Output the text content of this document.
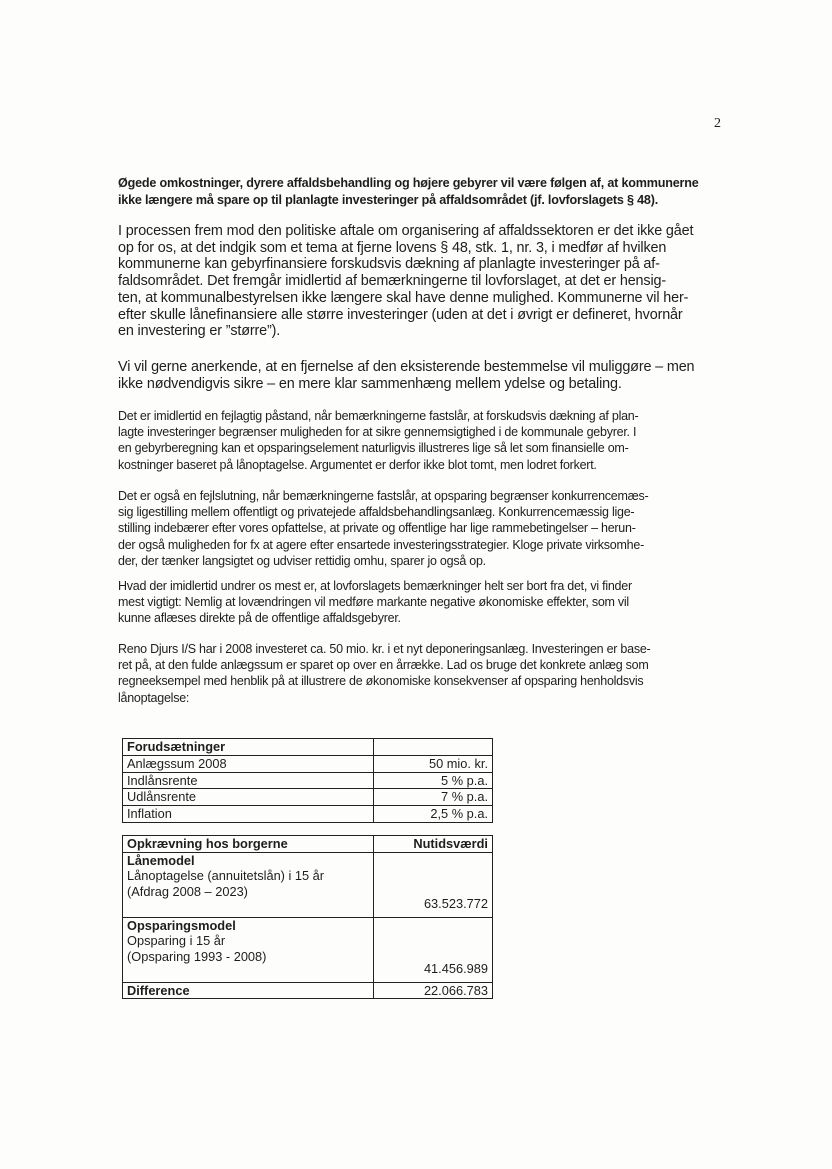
2

Øgede omkostninger, dyrere affaldsbehandling og højere gebyrer vil være følgen af, at kommunerne
ikke længere må spare op til planlagte investeringer på affaldsområdet (jf. lovforslagets § 48).

I processen frem mod den politiske aftale om organisering af affaldssektoren er det ikke gået
op for os, at det indgik som et tema at fjerne lovens § 48, stk. 1, nr. 3, i medfør af hvilken
kommunerne kan gebyrfinansiere forskudsvis dækning af planlagte investeringer på af-
faldsområdet. Det fremgår imidlertid af bemærkningerne til lovforslaget, at det er hensig-
ten, at kommunalbestyrelsen ikke længere skal have denne mulighed. Kommunerne vil her-
efter skulle lånefinansiere alle større investeringer (uden at det i øvrigt er defineret, hvornår
en investering er ”større”).

Vi vil gerne anerkende, at en fjernelse af den eksisterende bestemmelse vil muliggøre – men
ikke nødvendigvis sikre – en mere klar sammenhæng mellem ydelse og betaling.

Det er imidlertid en fejlagtig påstand, når bemærkningerne fastslår, at forskudsvis dækning af plan-
lagte investeringer begrænser muligheden for at sikre gennemsigtighed i de kommunale gebyrer. I
en gebyrberegning kan et opsparingselement naturligvis illustreres lige så let som finansielle om-
kostninger baseret på lånoptagelse. Argumentet er derfor ikke blot tomt, men lodret forkert.

Det er også en fejlslutning, når bemærkningerne fastslår, at opsparing begrænser konkurrencemæs-
sig ligestilling mellem offentligt og privatejede affaldsbehandlingsanlæg. Konkurrencemæssig lige-
stilling indebærer efter vores opfattelse, at private og offentlige har lige rammebetingelser – herun-
der også muligheden for fx at agere efter ensartede investeringsstrategier. Kloge private virksomhe-
der, der tænker langsigtet og udviser rettidig omhu, sparer jo også op.

Hvad der imidlertid undrer os mest er, at lovforslagets bemærkninger helt ser bort fra det, vi finder
mest vigtigt: Nemlig at lovændringen vil medføre markante negative økonomiske effekter, som vil
kunne aflæses direkte på de offentlige affaldsgebyrer.

Reno Djurs I/S har i 2008 investeret ca. 50 mio. kr. i et nyt deponeringsanlæg. Investeringen er base-
ret på, at den fulde anlægssum er sparet op over en årrække. Lad os bruge det konkrete anlæg som
regneeksempel med henblik på at illustrere de økonomiske konsekvenser af opsparing henholdsvis
lånoptagelse:

Forudsætninger	
Anlægssum 2008	50 mio. kr.
Indlånsrente	5 % p.a.
Udlånsrente	7 % p.a.
Inflation	2,5 % p.a.
Opkrævning hos borgerne	Nutidsværdi

Lånemodel
Lånoptagelse (annuitetslån) i 15 år
(Afdrag 2008 – 2023)	63.523.772

Opsparingsmodel
Opsparing i 15 år
(Opsparing 1993 - 2008)	41.456.989
Difference	22.066.783
